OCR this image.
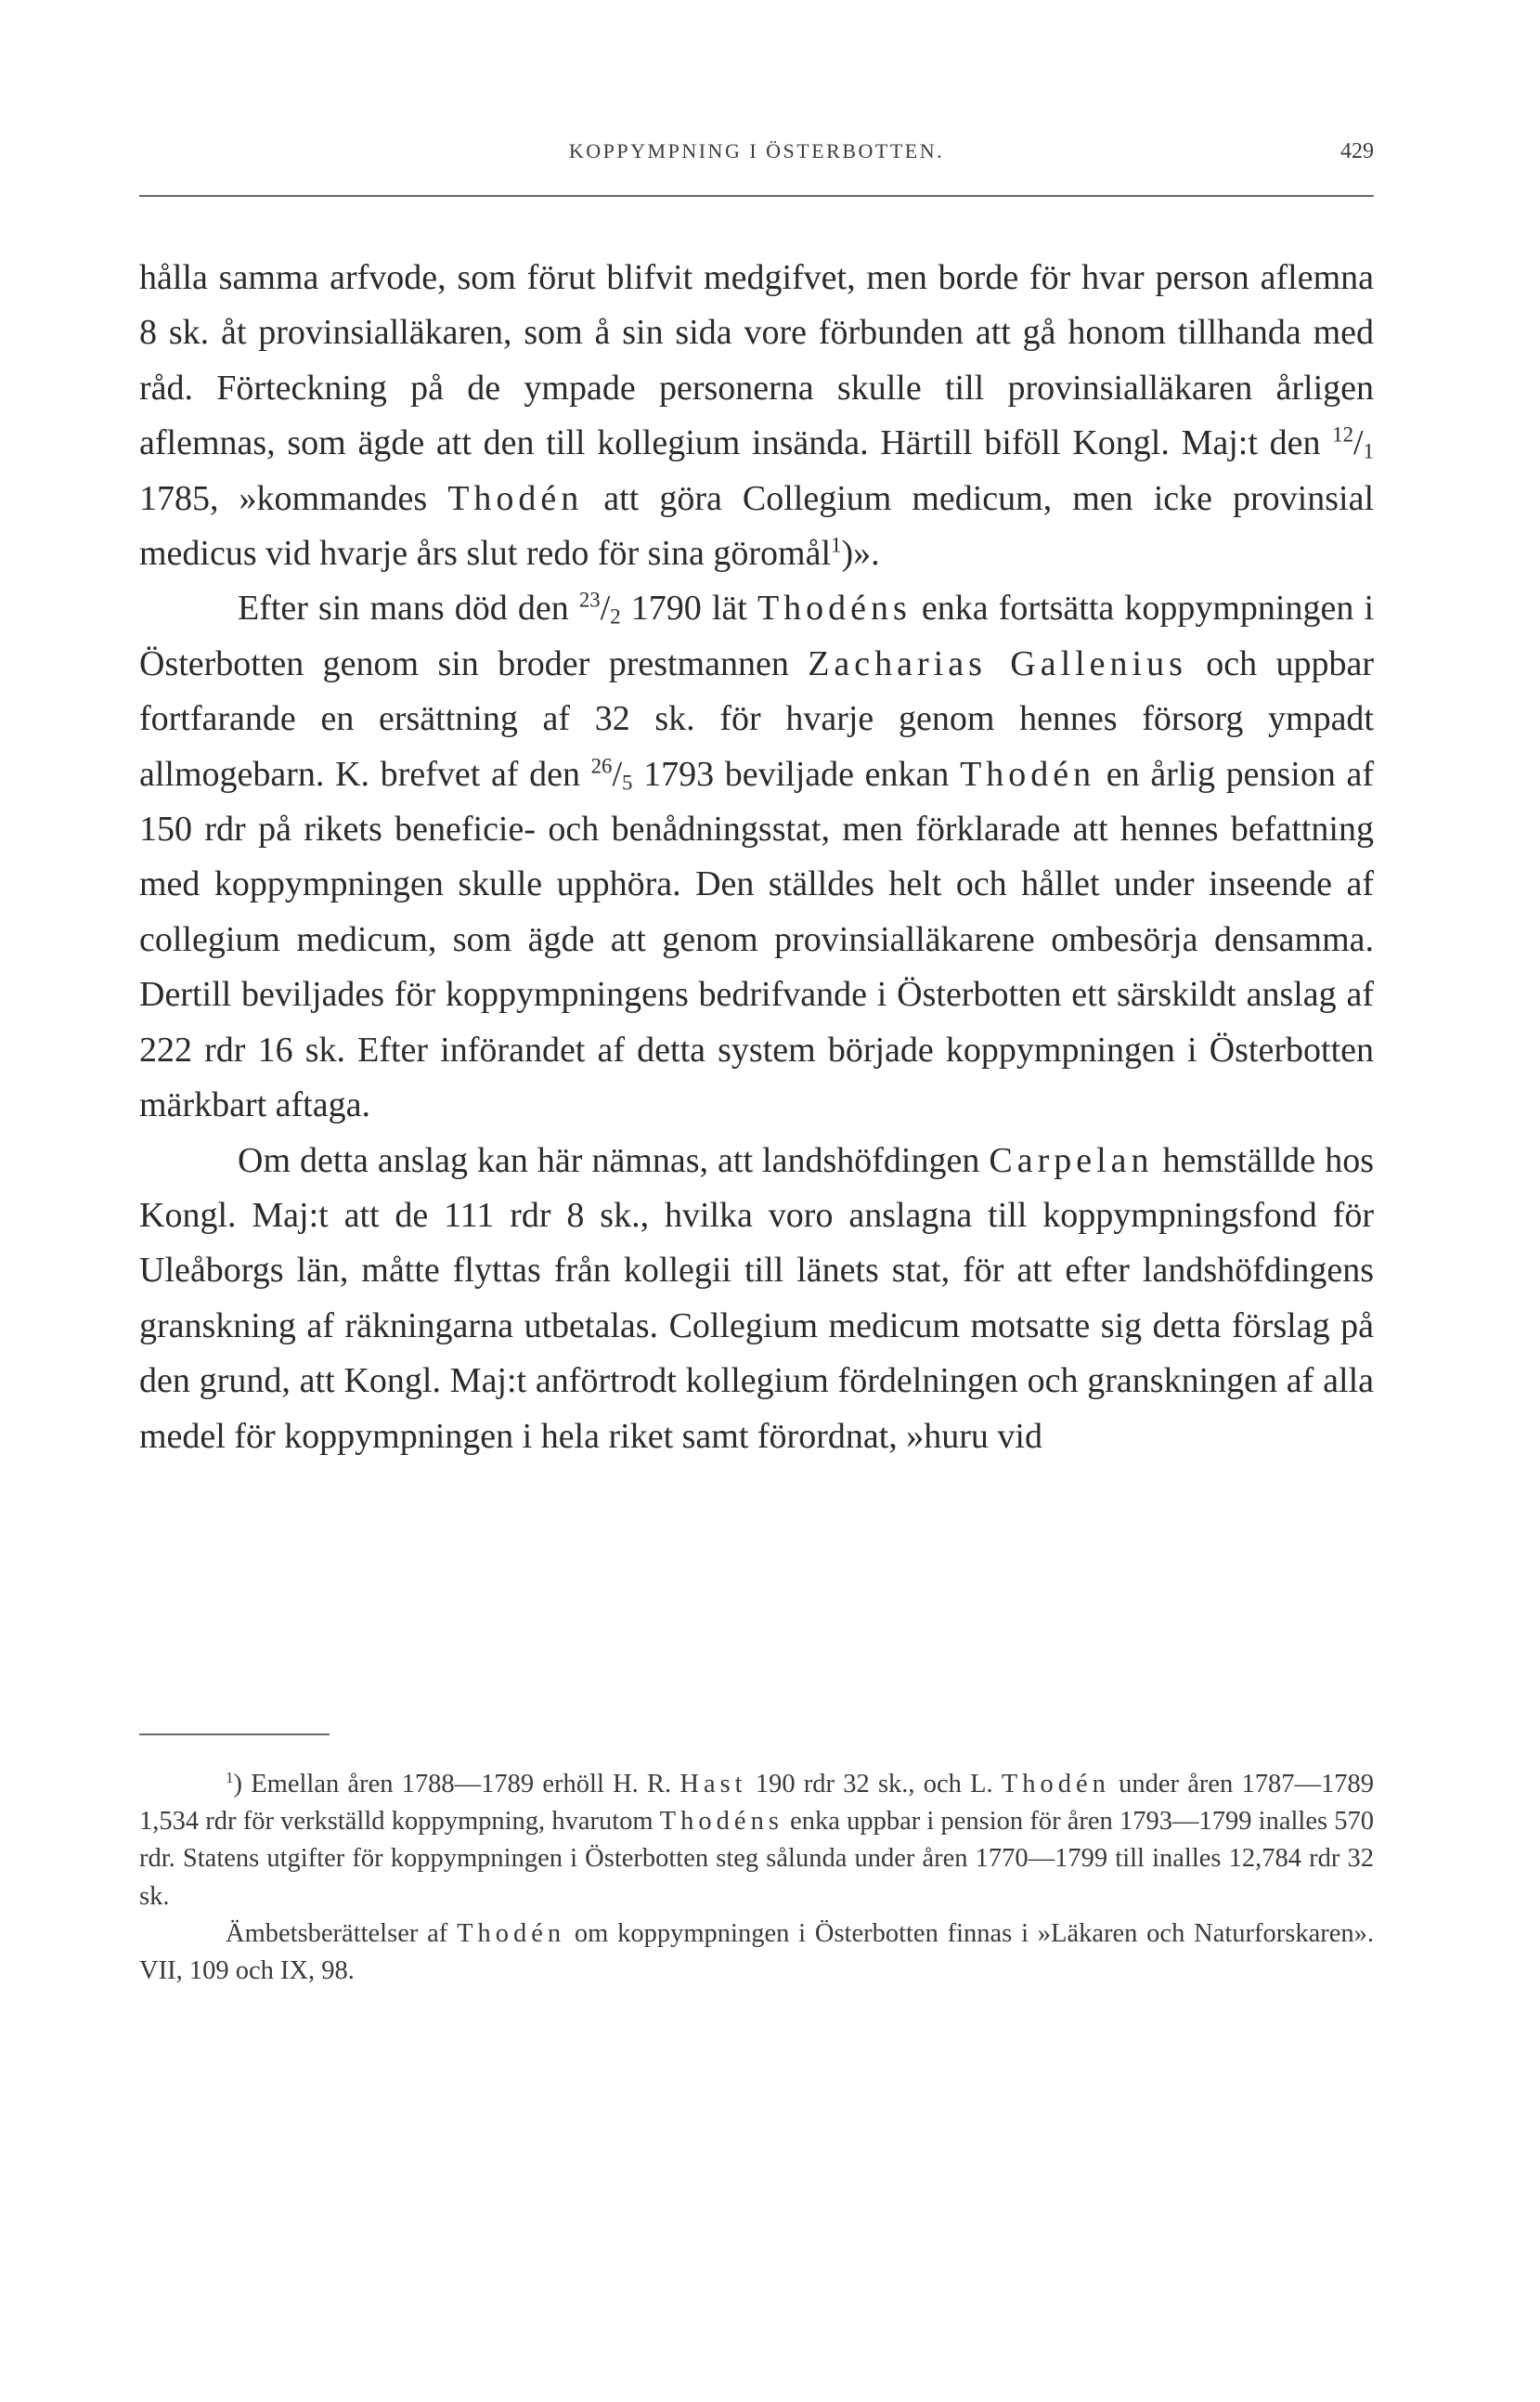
KOPPYMPNING I ÖSTERBOTTEN.	429

hålla samma arfvode, som förut blifvit medgifvet, men borde för hvar person aflemna 8 sk. åt provinsialläkaren, som å sin sida vore förbunden att gå honom tillhanda med råd. Förteckning på de ympade personerna skulle till provinsialläkaren årligen aflemnas, som ägde att den till kollegium insända. Härtill biföll Kongl. Maj:t den $^{12}/_1$ 1785, »kommandes Thodén att göra Collegium medicum, men icke provinsial medicus vid hvarje års slut redo för sina göromål$^1$)».

Efter sin mans död den $^{23}/_2$ 1790 lät Thodéns enka fortsätta koppympningen i Österbotten genom sin broder prestmannen Zacharias Gallenius och uppbar fortfarande en ersättning af 32 sk. för hvarje genom hennes försorg ympadt allmogebarn. K. brefvet af den $^{26}/_5$ 1793 beviljade enkan Thodén en årlig pension af 150 rdr på rikets beneficie- och benådningsstat, men förklarade att hennes befattning med koppympningen skulle upphöra. Den ställdes helt och hållet under inseende af collegium medicum, som ägde att genom provinsialläkarene ombesörja densamma. Dertill beviljades för koppympningens bedrifvande i Österbotten ett särskildt anslag af 222 rdr 16 sk. Efter införandet af detta system började koppympningen i Österbotten märkbart aftaga.

Om detta anslag kan här nämnas, att landshöfdingen Carpelan hemställde hos Kongl. Maj:t att de 111 rdr 8 sk., hvilka voro anslagna till koppympningsfond för Uleåborgs län, måtte flyttas från kollegii till länets stat, för att efter landshöfdingens granskning af räkningarna utbetalas. Collegium medicum motsatte sig detta förslag på den grund, att Kongl. Maj:t anförtrodt kollegium fördelningen och granskningen af alla medel för koppympningen i hela riket samt förordnat, »huru vid

$^1$) Emellan åren 1788—1789 erhöll H. R. Hast 190 rdr 32 sk., och L. Thodén under åren 1787—1789 1,534 rdr för verkställd koppympning, hvarutom Thodéns enka uppbar i pension för åren 1793—1799 inalles 570 rdr. Statens utgifter för koppympningen i Österbotten steg sålunda under åren 1770—1799 till inalles 12,784 rdr 32 sk.

Ämbetsberättelser af Thodén om koppympningen i Österbotten finnas i »Läkaren och Naturforskaren». VII, 109 och IX, 98.
